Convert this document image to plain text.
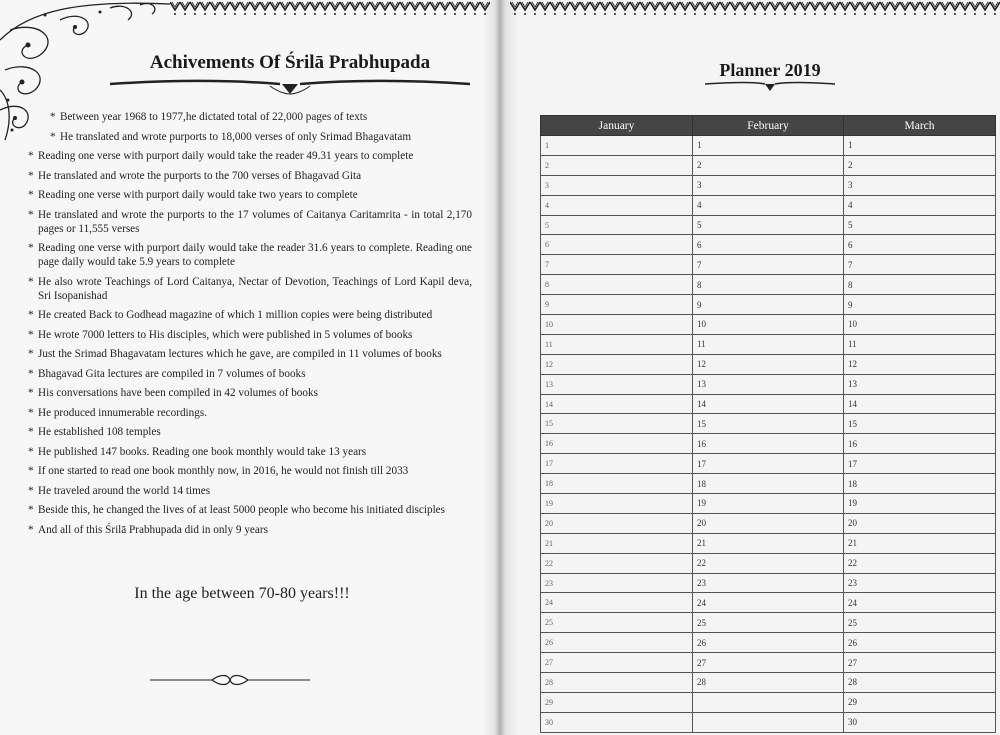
Achivements Of Śrilā Prabhupada
* Between year 1968 to 1977,he dictated total of 22,000 pages of texts
* He translated and wrote purports to 18,000 verses of only Srimad Bhagavatam
* Reading one verse with purport daily would take the reader 49.31 years to complete
* He translated and wrote the purports to the 700 verses of Bhagavad Gita
* Reading one verse with purport daily would take two years to complete
* He translated and wrote the purports to the 17 volumes of Caitanya Caritamrita - in total 2,170 pages or 11,555 verses
* Reading one verse with purport daily would take the reader 31.6 years to complete. Reading one page daily would take 5.9 years to complete
* He also wrote Teachings of Lord Caitanya, Nectar of Devotion, Teachings of Lord Kapil deva, Sri Isopanishad
* He created Back to Godhead magazine of which 1 million copies were being distributed
* He wrote 7000 letters to His disciples, which were published in 5 volumes of books
* Just the Srimad Bhagavatam lectures which he gave, are compiled in 11 volumes of books
* Bhagavad Gita lectures are compiled in 7 volumes of books
* His conversations have been compiled in 42 volumes of books
* He produced innumerable recordings.
* He established 108 temples
* He published 147 books. Reading one book monthly would take 13 years
* If one started to read one book monthly now, in 2016, he would not finish till 2033
* He traveled around the world 14 times
* Beside this, he changed the lives of at least 5000 people who become his initiated disciples
* And all of this Śrilā Prabhupada did in only 9 years
In the age between 70-80 years!!!
Planner 2019
January	February	March
1	1	1
2	2	2
3	3	3
4	4	4
5	5	5
6	6	6
7	7	7
8	8	8
9	9	9
10	10	10
11	11	11
12	12	12
13	13	13
14	14	14
15	15	15
16	16	16
17	17	17
18	18	18
19	19	19
20	20	20
21	21	21
22	22	22
23	23	23
24	24	24
25	25	25
26	26	26
27	27	27
28	28	28
29		29
30		30
